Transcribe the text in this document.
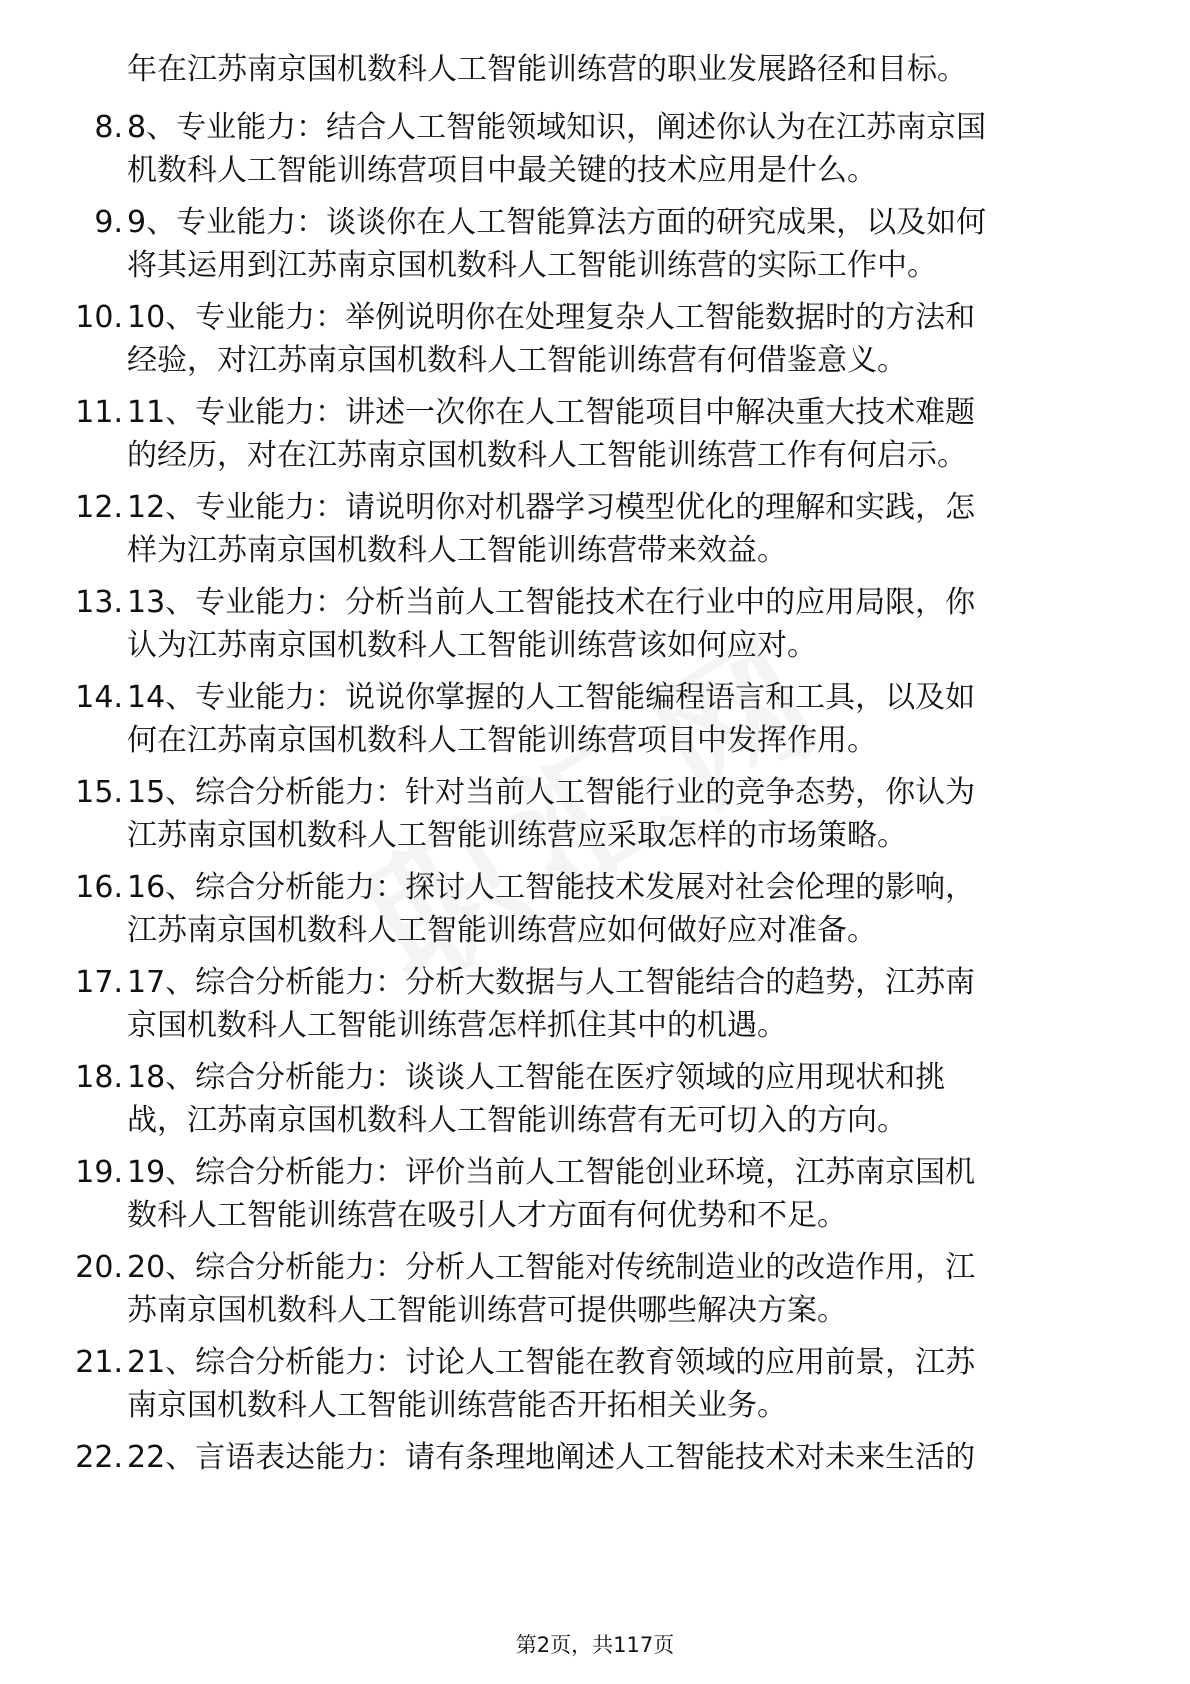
年在江苏南京国机数科人工智能训练营的职业发展路径和目标。
8. 8、专业能力：结合人工智能领域知识，阐述你认为在江苏南京国
机数科人工智能训练营项目中最关键的技术应用是什么。
9. 9、专业能力：谈谈你在人工智能算法方面的研究成果，以及如何
将其运用到江苏南京国机数科人工智能训练营的实际工作中。
10. 10、专业能力：举例说明你在处理复杂人工智能数据时的方法和
经验，对江苏南京国机数科人工智能训练营有何借鉴意义。
11. 11、专业能力：讲述一次你在人工智能项目中解决重大技术难题
的经历，对在江苏南京国机数科人工智能训练营工作有何启示。
12. 12、专业能力：请说明你对机器学习模型优化的理解和实践，怎
样为江苏南京国机数科人工智能训练营带来效益。
13. 13、专业能力：分析当前人工智能技术在行业中的应用局限，你
认为江苏南京国机数科人工智能训练营该如何应对。
14. 14、专业能力：说说你掌握的人工智能编程语言和工具，以及如
何在江苏南京国机数科人工智能训练营项目中发挥作用。
15. 15、综合分析能力：针对当前人工智能行业的竞争态势，你认为
江苏南京国机数科人工智能训练营应采取怎样的市场策略。
16. 16、综合分析能力：探讨人工智能技术发展对社会伦理的影响，
江苏南京国机数科人工智能训练营应如何做好应对准备。
17. 17、综合分析能力：分析大数据与人工智能结合的趋势，江苏南
京国机数科人工智能训练营怎样抓住其中的机遇。
18. 18、综合分析能力：谈谈人工智能在医疗领域的应用现状和挑
战，江苏南京国机数科人工智能训练营有无可切入的方向。
19. 19、综合分析能力：评价当前人工智能创业环境，江苏南京国机
数科人工智能训练营在吸引人才方面有何优势和不足。
20. 20、综合分析能力：分析人工智能对传统制造业的改造作用，江
苏南京国机数科人工智能训练营可提供哪些解决方案。
21. 21、综合分析能力：讨论人工智能在教育领域的应用前景，江苏
南京国机数科人工智能训练营能否开拓相关业务。
22. 22、言语表达能力：请有条理地阐述人工智能技术对未来生活的
第2页，共117页
